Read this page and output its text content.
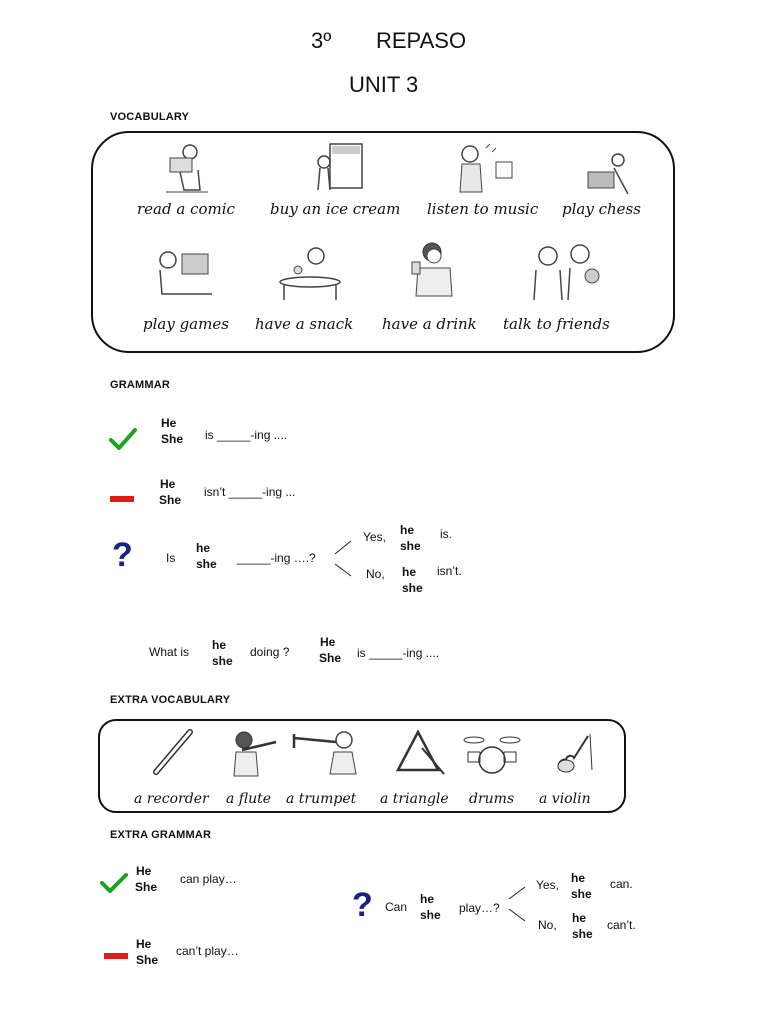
3º REPASO
UNIT 3
VOCABULARY
read a comic buy an ice cream listen to music play chess
play games have a snack have a drink talk to friends
GRAMMAR
He
She is _____-ing ....
He
She
isn’t _____-ing ...
?	Is
he
she _____-ing ….?
Yes, he
she
is.
No, he
she
isn’t.
What is he
she
doing ?
He
She is _____-ing ....
EXTRA VOCABULARY
a recorder a flute a trumpet a triangle drums a violin
EXTRA GRAMMAR
He
She
can play…
He
She
can’t play…
? Can
he
she play…?
Yes, he
she
can.
No, he
she
can’t.
